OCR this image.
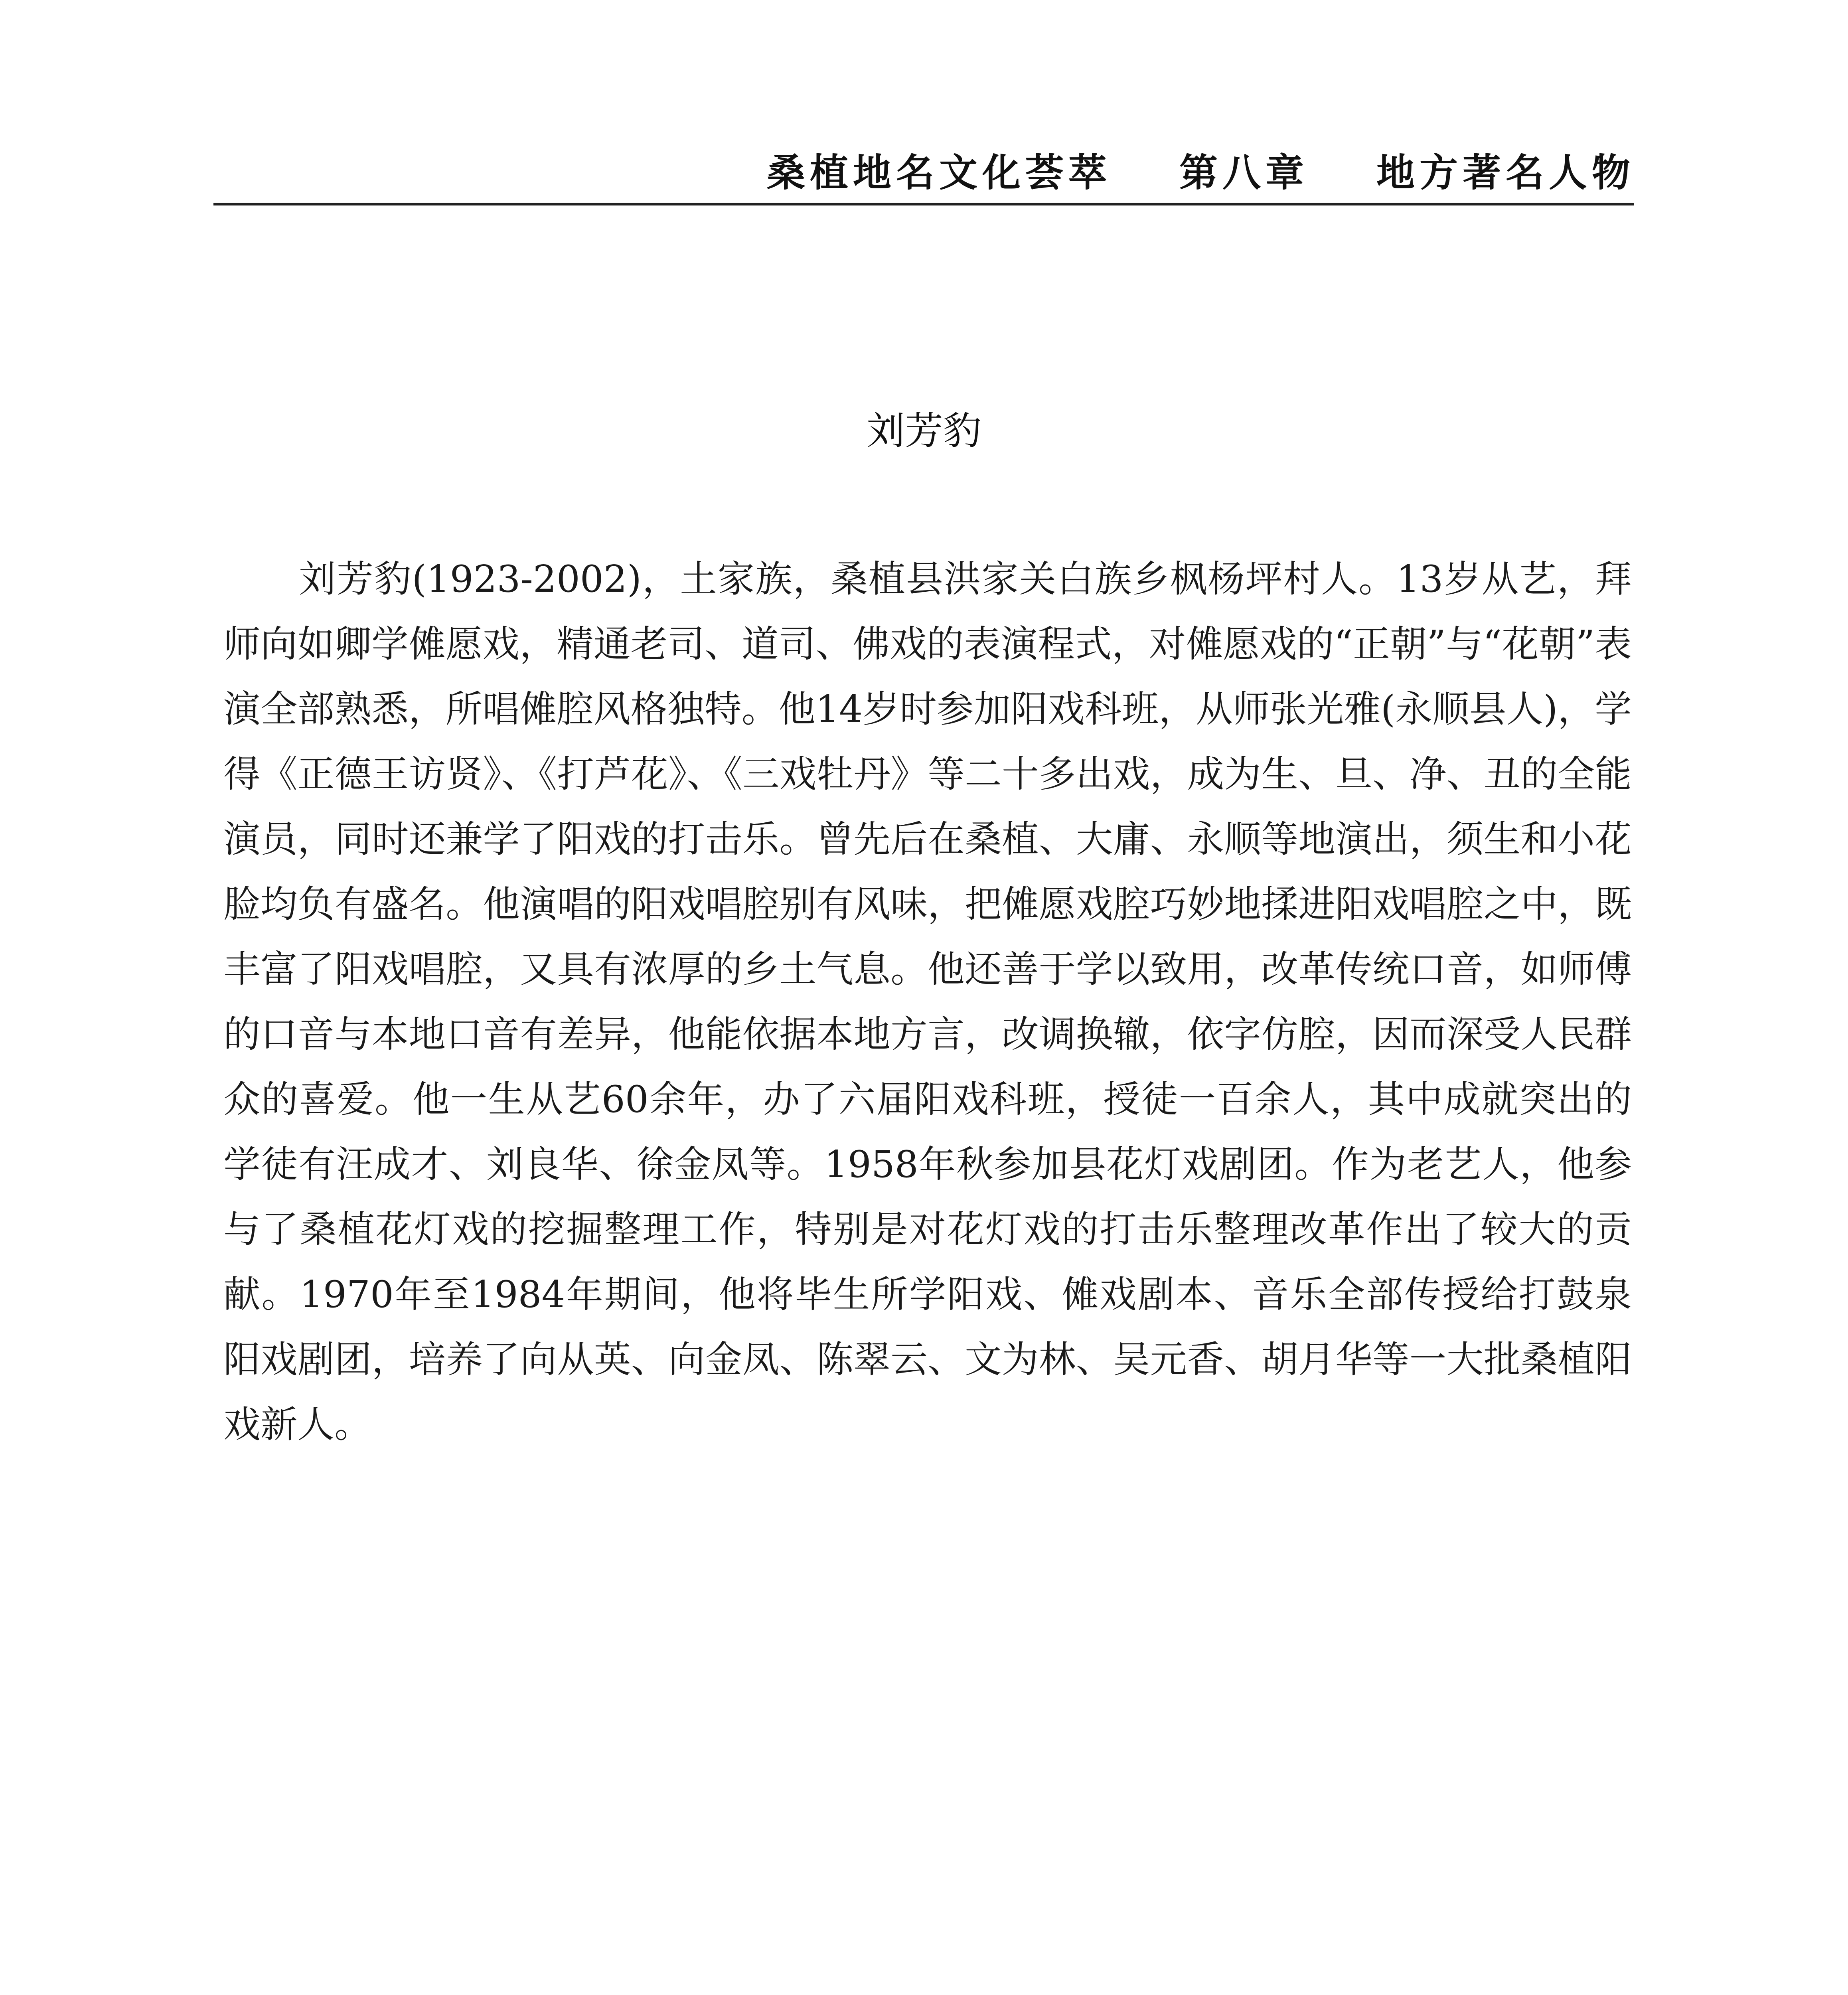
桑植地名文化荟萃 第八章 地方著名人物
刘芳豹

　　刘芳豹(1923-2002)，土家族，桑植县洪家关白族乡枫杨坪村人。13岁从艺，拜师向如卿学傩愿戏，精通老司、道司、佛戏的表演程式，对傩愿戏的“正朝”与“花朝”表演全部熟悉，所唱傩腔风格独特。他14岁时参加阳戏科班，从师张光雅(永顺县人)，学得《正德王访贤》、《打芦花》、《三戏牡丹》等二十多出戏，成为生、旦、净、丑的全能演员，同时还兼学了阳戏的打击乐。曾先后在桑植、大庸、永顺等地演出，须生和小花脸均负有盛名。他演唱的阳戏唱腔别有风味，把傩愿戏腔巧妙地揉进阳戏唱腔之中，既丰富了阳戏唱腔，又具有浓厚的乡土气息。他还善于学以致用，改革传统口音，如师傅的口音与本地口音有差异，他能依据本地方言，改调换辙，依字仿腔，因而深受人民群众的喜爱。他一生从艺60余年，办了六届阳戏科班，授徒一百余人，其中成就突出的学徒有汪成才、刘良华、徐金凤等。1958年秋参加县花灯戏剧团。作为老艺人，他参与了桑植花灯戏的挖掘整理工作，特别是对花灯戏的打击乐整理改革作出了较大的贡献。1970年至1984年期间，他将毕生所学阳戏、傩戏剧本、音乐全部传授给打鼓泉阳戏剧团，培养了向从英、向金凤、陈翠云、文为林、吴元香、胡月华等一大批桑植阳戏新人。
